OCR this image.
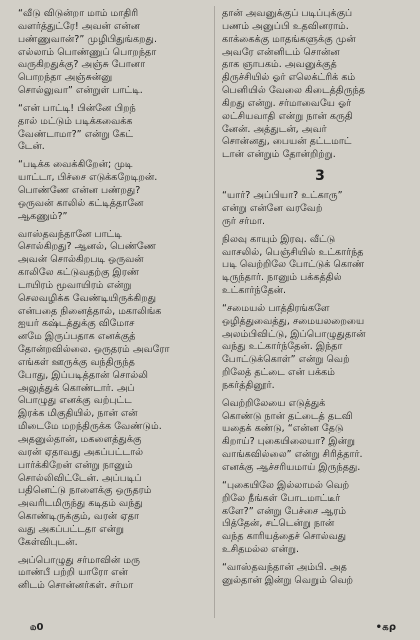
“வீடு விடுன்றா மாம் மாதிரி
வளர்த்துட்ரே! அவன் என்ன
பண்ணுவான்?” முழிபிதுங்கறது.
எல்லாம் பொண்ணுப் பொறந்தா
வருகிறதுக்கு? அஞ்சு போனா
பொறந்தா அஞ்சுன்னு
சொல்லுவா” என்றுள் பாட்டி.

“என் பாட்டி! பின்னே பிறந்
தால் மட்டும் படிக்கவைக்க
வேண்டாமா?” என்று கேட்
டேன்.

“படிக்க வைக்கிறேன்; முடி
யாட்டா, பிச்சை எடுக்கறேடிறன்.
பொண்ணே என்ன பண்றது?
ஒருவன் காலில் கட்டித்தானே
ஆகணும்?”

வாஸ்தவந்தானே பாட்டி
சொல்கிறது? ஆனல், பெண்ணே
அவன் சொல்கிறபடி ஒருவன்
காலிலே கட்டுவதற்கு இரண்
டாயிரம் மூவாயிரம் என்று
செலவழிக்க வேண்டியிருக்கிறது
என்பதை நினைத்தால், மகாலிங்க
ஐயர் கஷ்டத்துக்கு விமோச
னமே இருப்பதாக எனக்குத்
தோன்றவில்லை. ஒருதரம் அவரோ
எங்கள் ஊருக்கு வந்திருந்த
போது, இப்படித்தான் சொல்லி
அலுத்துக் கொண்டார். அப்
பொழுது எனக்கு வற்புட்ட
இரக்க மிகுதியில், நான் என்
மிடைமே மறந்திருக்க வேண்டும்.
அதனுல்தான், மகளைத்துக்கு
வரன் ஏதாவது அகப்பட்டால்
பார்க்கிறேன் என்று நானும்
சொல்லிவிட்டேன். அப்படிப்
பதினெட்டு நாளைக்கு ஒருதரம்
அவரிடமிருந்து கடிதம் வந்து
கொண்டிருக்கும், வரன் ஏதா
வது அகப்பட்டதா என்று
கேள்விபுடன்.

அப்பொழுது சர்மாவின் மரு
மாண்பீ பற்றி யாரோ என்
னிடம் சொன்னர்கள். சர்மா

தான் அவனுக்குப் படிப்புக்குப்
பணம் அனுப்பி உதவினராம்.
காக்கைக்கு மாதங்களுக்கு முன்
அவரே என்னிடம் சொன்ன
தாக ஞாபகம். அவனுக்குத்
திருச்சியில் ஓர் எலெக்ட்ரிக் கம்
பெனியில் வேலை கிடைத்திருந்த
கிறது என்று. சர்மாவையே ஓர்
லட்சியவாதி என்று நான் கருதி
னேன். அத்துடன், அவர்
சொன்னது, பையன் தட்டமாட்
டான் என்றும் தோன்றிற்று.

3

“யார்? அப்பியா? உட்காரு”
என்று என்னே வரவேற்
ருர் சர்மா.

நிலவு காயும் இரவு. வீட்டு
வாசலில், பெஞ்சியில் உட்கார்ந்த
படி வெற்றிலே போட்டுக் கொண்
டிருந்தார். நானும் பக்கத்தில்
உட்கார்ந்தேன்.

“சமையல் பாத்திரங்களே
ஒழித்துவைத்து, சமையலறையை
அலம்பிவிட்டு, இப்பொழுதுதான்
வந்து உட்கார்ந்தேன். இந்தா
போட்டுக்கொள்” என்று வெற்
றிலேத் தட்டை என் பக்கம்
நகர்த்தினூர்.

வெற்றிலேயை எடுத்துக்
கொண்டு நான் தட்டைத் தடவி
யதைக் கண்டு, “என்ன தேடு
கிறாய்? புகையிலையா? இன்று
வாங்கவில்லை” என்று சிரித்தார்.
எனக்கு ஆச்சரியமாய் இருந்தது.

“புகையிலே இல்லாமல் வெற்
றிலே நீங்கள் போடமாட்டீர்
களே?” என்று பேச்சை ஆரம்
பித்தேன், சட்டென்று நான்
வந்த காரியத்தைச் சொல்வது
உசிதமல்ல என்று.

“வாஸ்தவந்தான் அம்பி. அத
னுல்தான் இன்று வெறும் வெற்

௰0	•௧ρ
